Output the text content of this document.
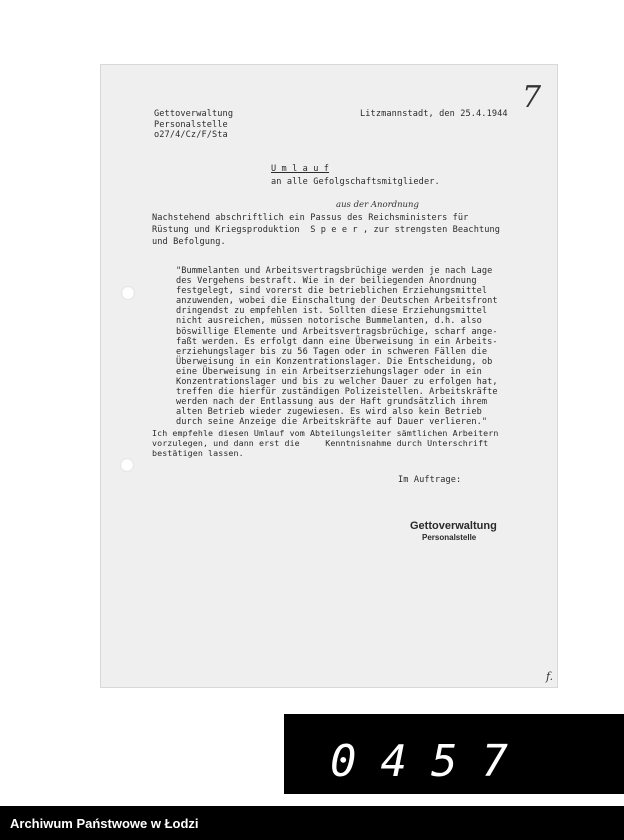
Gettoverwaltung
Personalstelle
o27/4/Cz/F/Sta
Litzmannstadt, den 25.4.1944 7
U m l a u f
an alle Gefolgschaftsmitglieder.
aus der Anordnung
Nachstehend abschriftlich ein Passus des Reichsministers für
Rüstung und Kriegsproduktion  S p e e r , zur strengsten Beachtung
und Befolgung.
"Bummelanten und Arbeitsvertragsbrüchige werden je nach Lage
des Vergehens bestraft. Wie in der beiliegenden Anordnung
festgelegt, sind vorerst die betrieblichen Erziehungsmittel
anzuwenden, wobei die Einschaltung der Deutschen Arbeitsfront
dringendst zu empfehlen ist. Sollten diese Erziehungsmittel
nicht ausreichen, müssen notorische Bummelanten, d.h. also
böswillige Elemente und Arbeitsvertragsbrüchige, scharf ange-
faßt werden. Es erfolgt dann eine Überweisung in ein Arbeits-
erziehungslager bis zu 56 Tagen oder in schweren Fällen die
Überweisung in ein Konzentrationslager. Die Entscheidung, ob
eine Überweisung in ein Arbeitserziehungslager oder in ein
Konzentrationslager und bis zu welcher Dauer zu erfolgen hat,
treffen die hierfür zuständigen Polizeistellen. Arbeitskräfte
werden nach der Entlassung aus der Haft grundsätzlich ihrem
alten Betrieb wieder zugewiesen. Es wird also kein Betrieb
durch seine Anzeige die Arbeitskräfte auf Dauer verlieren."
Ich empfehle diesen Umlauf vom Abteilungsleiter sämtlichen Arbeitern
vorzulegen, und dann erst die     Kenntnisnahme durch Unterschrift
bestätigen lassen.
Im Auftrage:
Gettoverwaltung
Personalstelle
f.
0457
Archiwum Państwowe w Łodzi
